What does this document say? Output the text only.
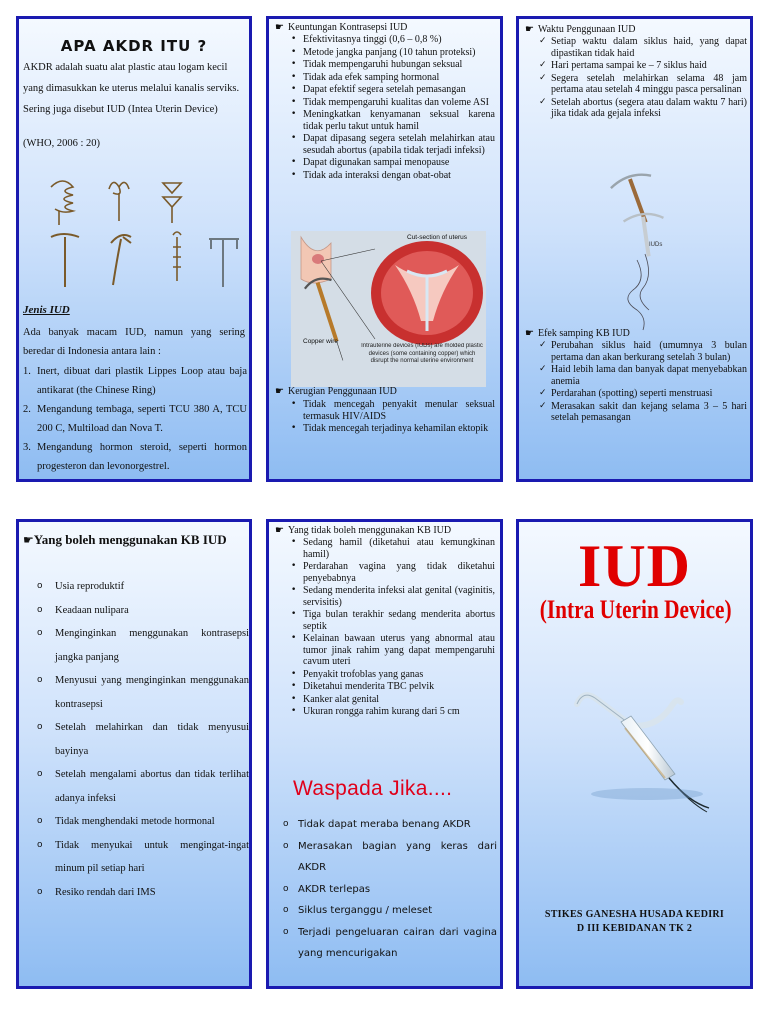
APA AKDR ITU ?
AKDR adalah suatu alat plastic atau logam kecil yang dimasukkan ke uterus melalui kanalis serviks. Sering juga disebut IUD (Intea Uterin Device)
(WHO, 2006 : 20)
Jenis IUD
Ada banyak macam IUD, namun yang sering beredar di Indonesia antara lain :
1. Inert, dibuat dari plastik Lippes Loop atau baja antikarat (the Chinese Ring)
2. Mengandung tembaga, seperti TCU 380 A, TCU 200 C, Multiload dan Nova T.
3. Mengandung hormon steroid, seperti hormon progesteron dan levonorgestrel.
☛ Keuntungan Kontrasepsi IUD
• Efektivitasnya tinggi (0,6 – 0,8 %)
• Metode jangka panjang (10 tahun proteksi)
• Tidak mempengaruhi hubungan seksual
• Tidak ada efek samping hormonal
• Dapat efektif segera setelah pemasangan
• Tidak mempengaruhi kualitas dan voleme ASI
• Meningkatkan kenyamanan seksual karena tidak perlu takut untuk hamil
• Dapat dipasang segera setelah melahirkan atau sesudah abortus (apabila tidak terjadi infeksi)
• Dapat digunakan sampai menopause
• Tidak ada interaksi dengan obat-obat
Cut-section of uterus
Copper wire
Intrauterine devices (IUDs) are molded plastic devices (some containing copper) which disrupt the normal uterine environment
☛ Kerugian Penggunaan IUD
• Tidak mencegah penyakit menular seksual termasuk HIV/AIDS
• Tidak mencegah terjadinya kehamilan ektopik
☛ Waktu Penggunaan IUD
✓ Setiap waktu dalam siklus haid, yang dapat dipastikan tidak haid
✓ Hari pertama sampai ke – 7 siklus haid
✓ Segera setelah melahirkan selama 48 jam pertama atau setelah 4 minggu pasca persalinan
✓ Setelah abortus (segera atau dalam waktu 7 hari) jika tidak ada gejala infeksi
IUDs
☛ Efek samping KB IUD
✓ Perubahan siklus haid (umumnya 3 bulan pertama dan akan berkurang setelah 3 bulan)
✓ Haid lebih lama dan banyak dapat menyebabkan anemia
✓ Perdarahan (spotting) seperti menstruasi
✓ Merasakan sakit dan kejang selama 3 – 5 hari setelah pemasangan
☛Yang boleh menggunakan KB IUD
o	Usia reproduktif
o	Keadaan nulipara
o	Menginginkan menggunakan kontrasepsi jangka panjang
o	Menyusui yang menginginkan menggunakan kontrasepsi
o	Setelah melahirkan dan tidak menyusui bayinya
o	Setelah mengalami abortus dan tidak terlihat adanya infeksi
o	Tidak menghendaki metode hormonal
o	Tidak menyukai untuk mengingat-ingat minum pil setiap hari
o	Resiko rendah dari IMS
☛ Yang tidak boleh menggunakan KB IUD
• Sedang hamil (diketahui atau kemungkinan hamil)
• Perdarahan vagina yang tidak diketahui penyebabnya
• Sedang menderita infeksi alat genital (vaginitis, servisitis)
• Tiga bulan terakhir sedang menderita abortus septik
• Kelainan bawaan uterus yang abnormal atau tumor jinak rahim yang dapat mempengaruhi cavum uteri
• Penyakit trofoblas yang ganas
• Diketahui menderita TBC pelvik
• Kanker alat genital
• Ukuran rongga rahim kurang dari 5 cm
Waspada Jika....
o Tidak dapat meraba benang AKDR
o Merasakan bagian yang keras dari AKDR
o AKDR terlepas
o Siklus terganggu / meleset
o Terjadi pengeluaran cairan dari vagina yang mencurigakan
IUD
(Intra Uterin Device)
STIKES GANESHA HUSADA KEDIRI
D III KEBIDANAN TK 2
